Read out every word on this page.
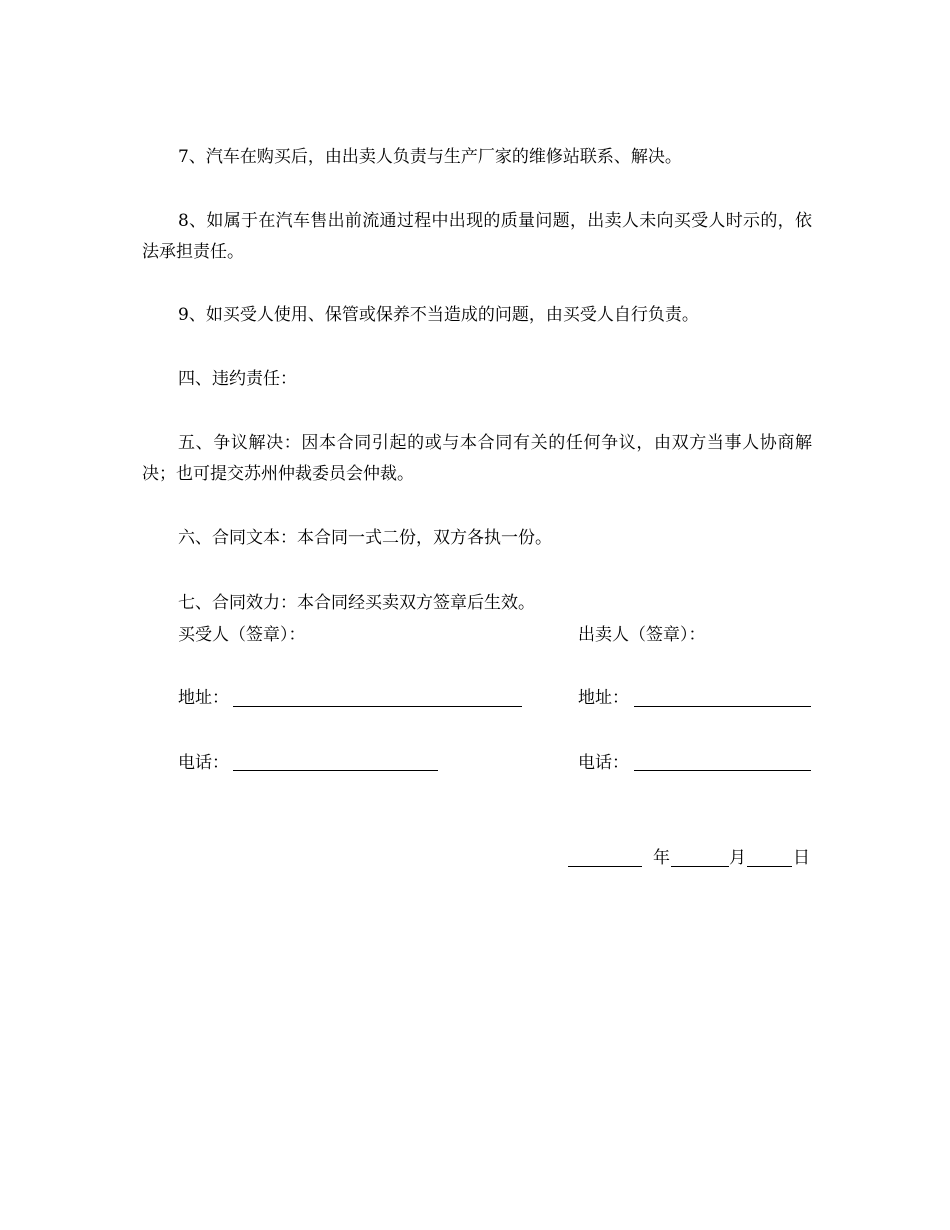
7、汽车在购买后，由出卖人负责与生产厂家的维修站联系、解决。

8、如属于在汽车售出前流通过程中出现的质量问题，出卖人未向买受人时示的，依法承担责任。

9、如买受人使用、保管或保养不当造成的问题，由买受人自行负责。

四、违约责任：

五、争议解决：因本合同引起的或与本合同有关的任何争议，由双方当事人协商解决；也可提交苏州仲裁委员会仲裁。

六、合同文本：本合同一式二份，双方各执一份。

七、合同效力：本合同经买卖双方签章后生效。

买受人（签章）：	出卖人（签章）：
地址：	地址：
电话：	电话：
年	月	日
